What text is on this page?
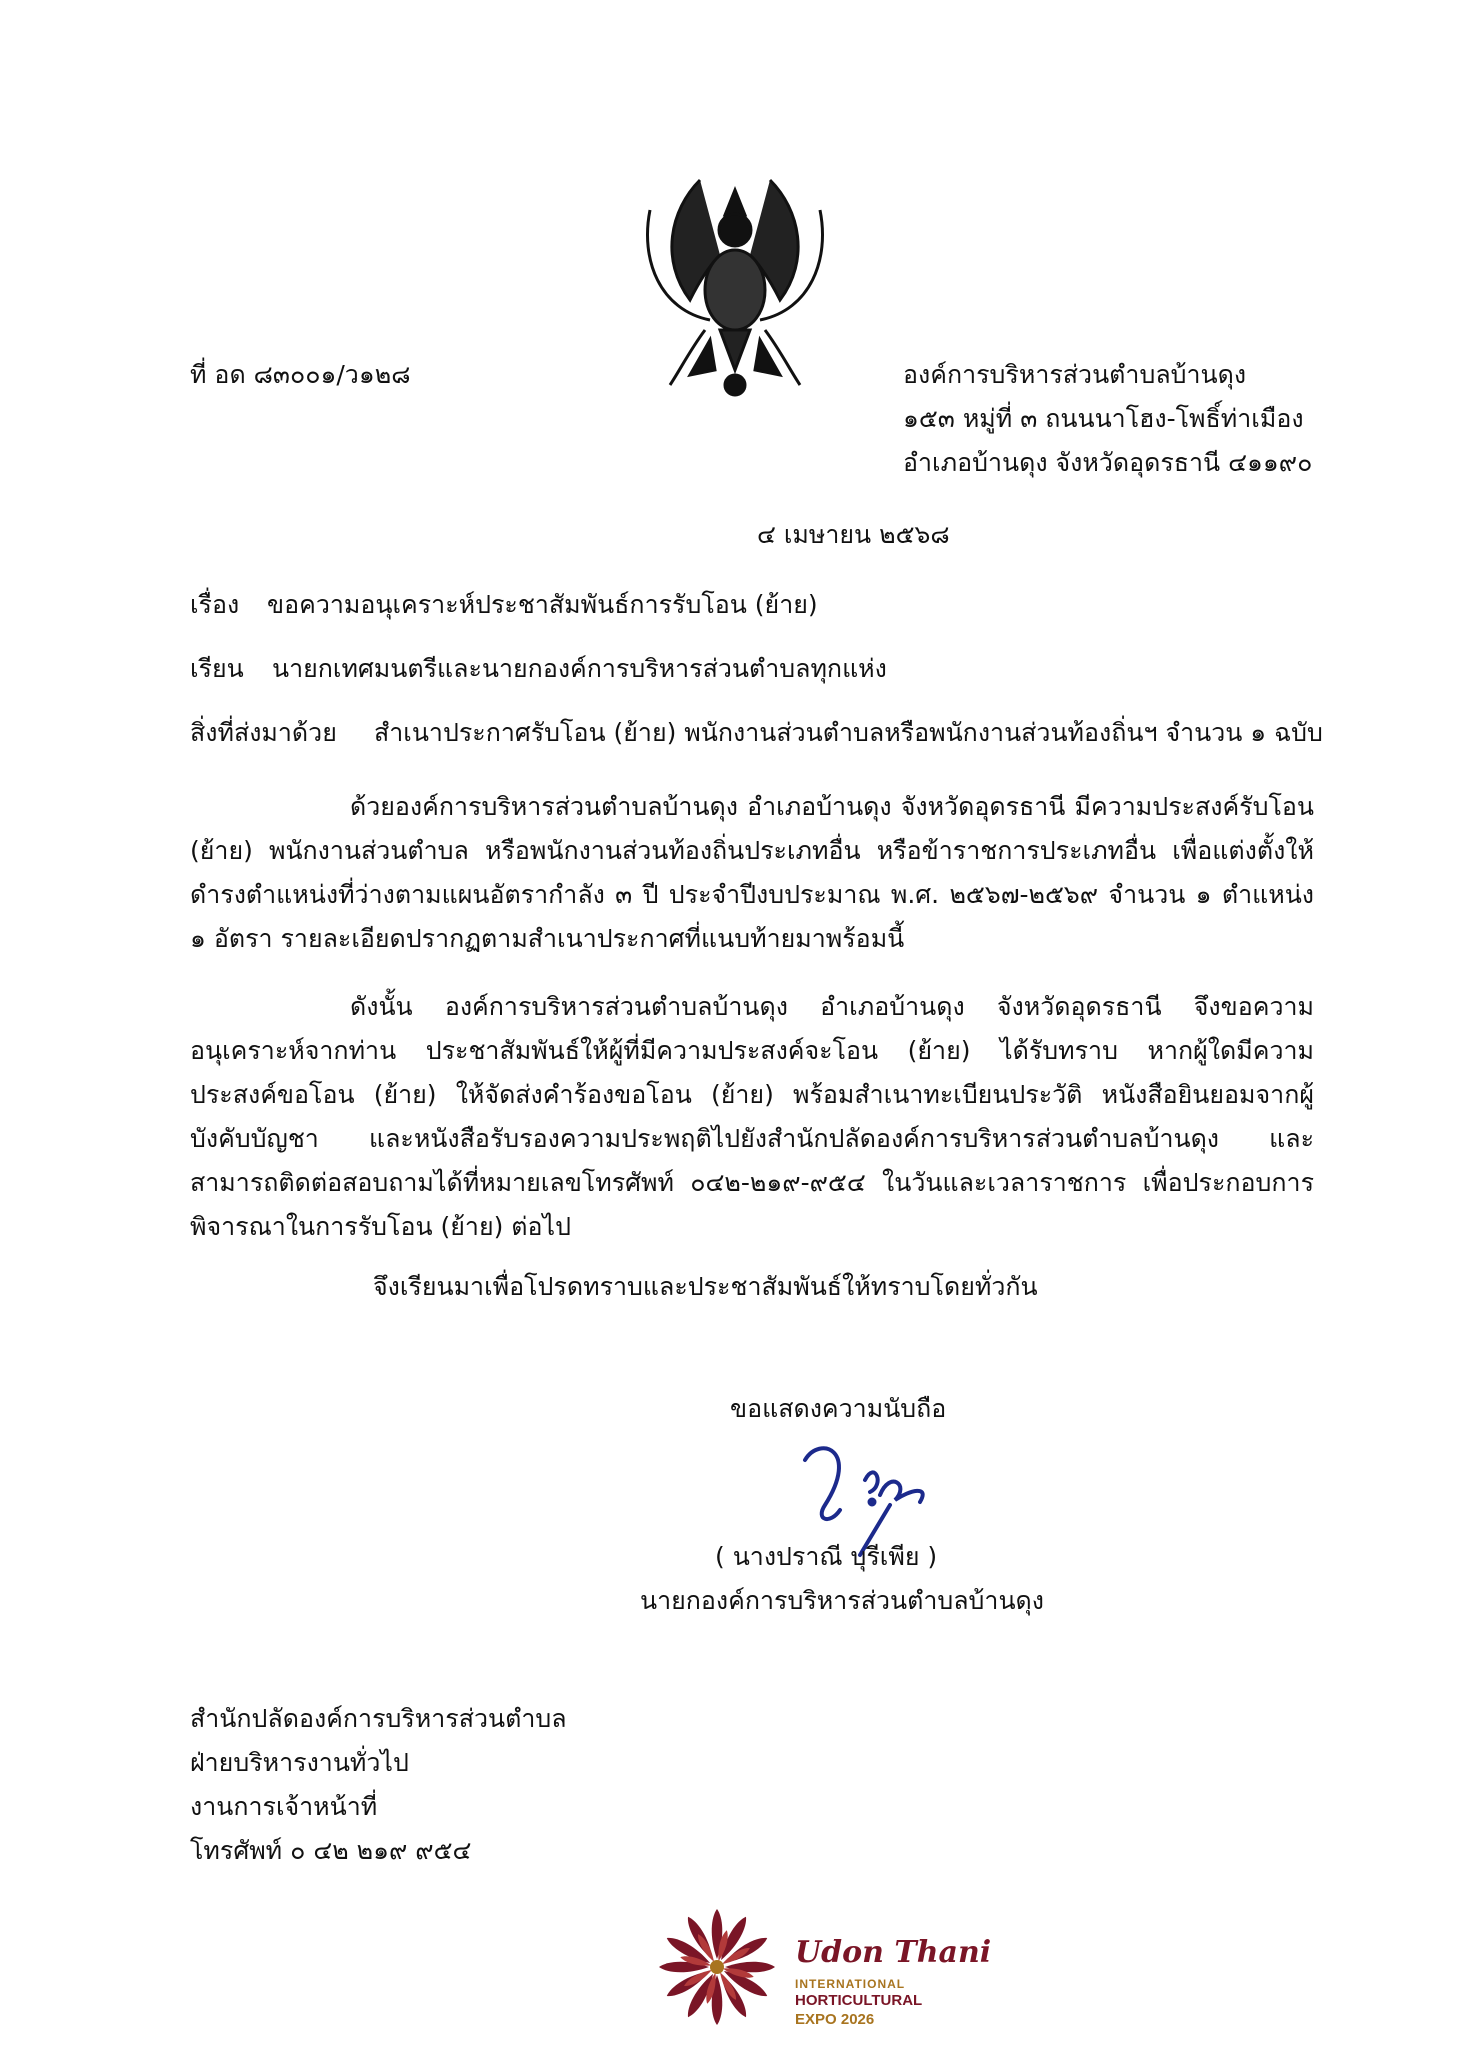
ที่ อด ๘๓๐๐๑/ว๑๒๘	องค์การบริหารส่วนตำบลบ้านดุง
๑๕๓ หมู่ที่ ๓ ถนนนาโฮง-โพธิ์ท่าเมือง
อำเภอบ้านดุง จังหวัดอุดรธานี ๔๑๑๙๐
๔ เมษายน ๒๕๖๘
เรื่อง ขอความอนุเคราะห์ประชาสัมพันธ์การรับโอน (ย้าย)
เรียน นายกเทศมนตรีและนายกองค์การบริหารส่วนตำบลทุกแห่ง
สิ่งที่ส่งมาด้วย สำเนาประกาศรับโอน (ย้าย) พนักงานส่วนตำบลหรือพนักงานส่วนท้องถิ่นฯ จำนวน ๑ ฉบับ
ด้วยองค์การบริหารส่วนตำบลบ้านดุง อำเภอบ้านดุง จังหวัดอุดรธานี มีความประสงค์รับโอน (ย้าย) พนักงานส่วนตำบล หรือพนักงานส่วนท้องถิ่นประเภทอื่น หรือข้าราชการประเภทอื่น เพื่อแต่งตั้งให้ดำรงตำแหน่งที่ว่างตามแผนอัตรากำลัง ๓ ปี ประจำปีงบประมาณ พ.ศ. ๒๕๖๗-๒๕๖๙ จำนวน ๑ ตำแหน่ง ๑ อัตรา รายละเอียดปรากฏตามสำเนาประกาศที่แนบท้ายมาพร้อมนี้
ดังนั้น องค์การบริหารส่วนตำบลบ้านดุง อำเภอบ้านดุง จังหวัดอุดรธานี จึงขอความอนุเคราะห์จากท่าน ประชาสัมพันธ์ให้ผู้ที่มีความประสงค์จะโอน (ย้าย) ได้รับทราบ หากผู้ใดมีความประสงค์ขอโอน (ย้าย) ให้จัดส่งคำร้องขอโอน (ย้าย) พร้อมสำเนาทะเบียนประวัติ หนังสือยินยอมจากผู้บังคับบัญชา และหนังสือรับรองความประพฤติไปยังสำนักปลัดองค์การบริหารส่วนตำบลบ้านดุง และสามารถติดต่อสอบถามได้ที่หมายเลขโทรศัพท์ ๐๔๒-๒๑๙-๙๕๔ ในวันและเวลาราชการ เพื่อประกอบการพิจารณาในการรับโอน (ย้าย) ต่อไป
จึงเรียนมาเพื่อโปรดทราบและประชาสัมพันธ์ให้ทราบโดยทั่วกัน
ขอแสดงความนับถือ
( นางปราณี บุรีเพีย )
นายกองค์การบริหารส่วนตำบลบ้านดุง
สำนักปลัดองค์การบริหารส่วนตำบล
ฝ่ายบริหารงานทั่วไป
งานการเจ้าหน้าที่
โทรศัพท์ ๐ ๔๒ ๒๑๙ ๙๕๔
Udon Thani
INTERNATIONAL
HORTICULTURAL
EXPO 2026
